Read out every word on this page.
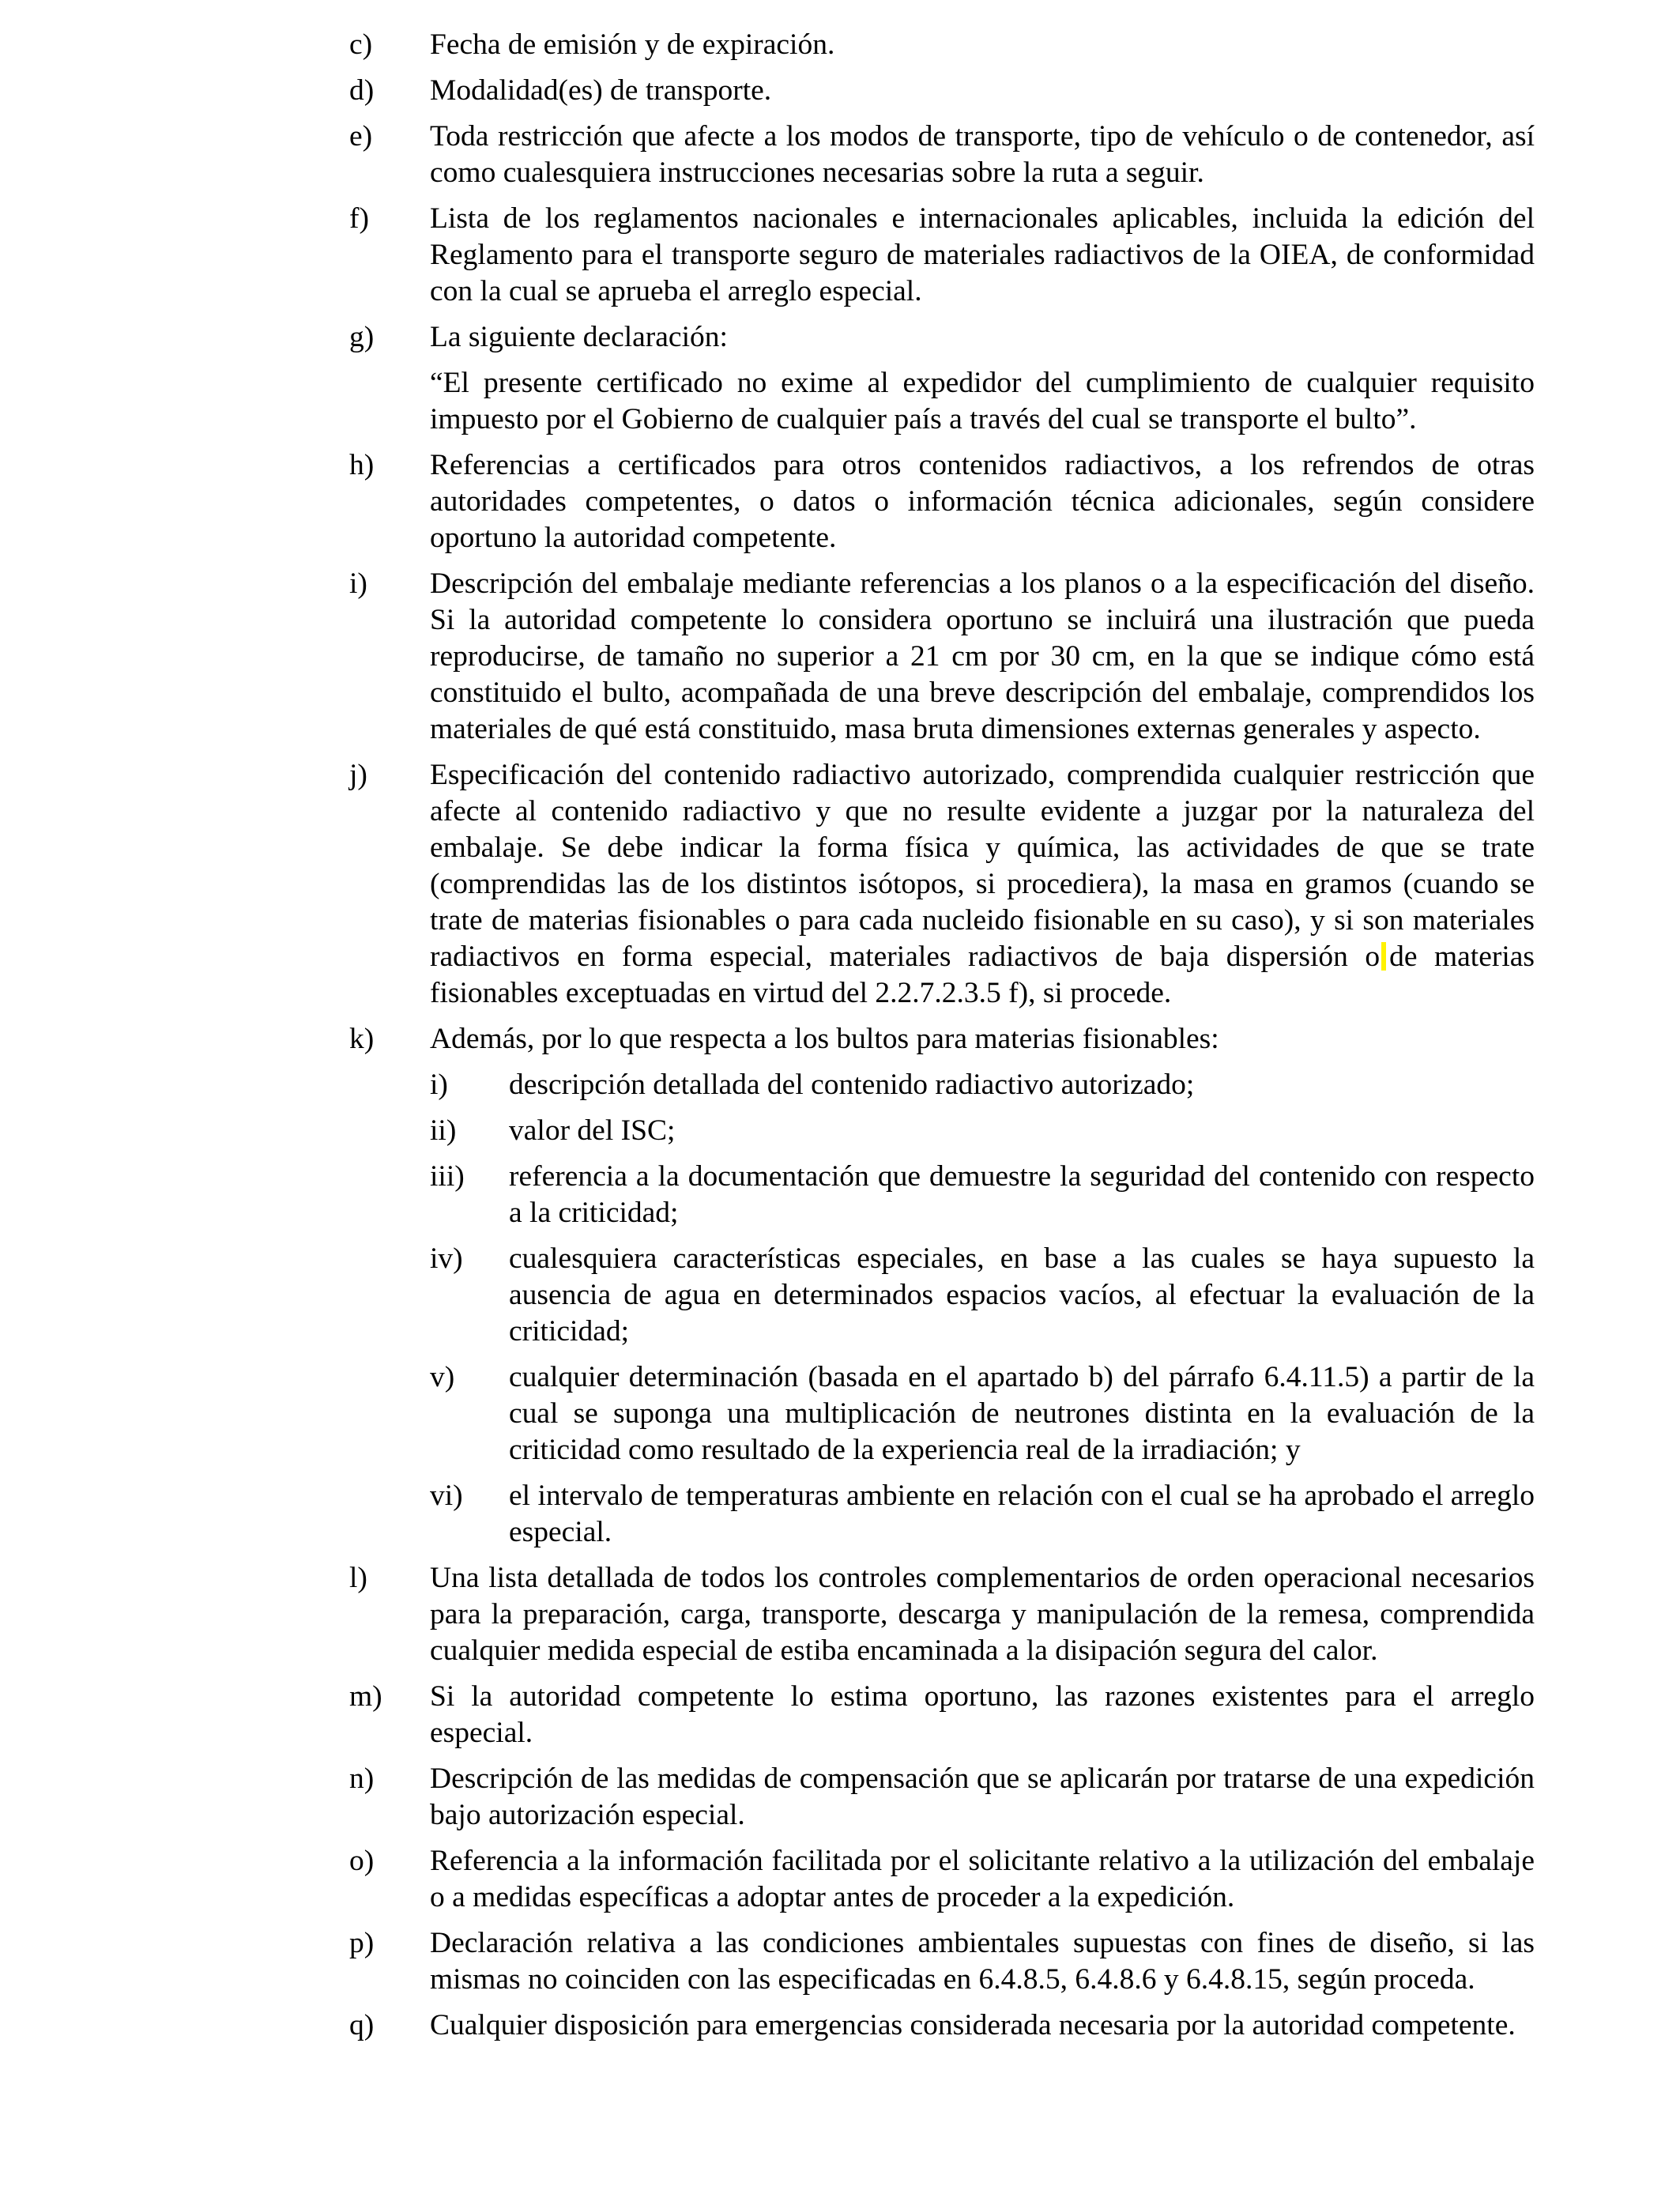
c)	Fecha de emisión y de expiración.
d)	Modalidad(es) de transporte.
e)	Toda restricción que afecte a los modos de transporte, tipo de vehículo o de contenedor, así como cualesquiera instrucciones necesarias sobre la ruta a seguir.
f)	Lista de los reglamentos nacionales e internacionales aplicables, incluida la edición del Reglamento para el transporte seguro de materiales radiactivos de la OIEA, de conformidad con la cual se aprueba el arreglo especial.
g)	La siguiente declaración:
“El presente certificado no exime al expedidor del cumplimiento de cualquier requisito impuesto por el Gobierno de cualquier país a través del cual se transporte el bulto”.
h)	Referencias a certificados para otros contenidos radiactivos, a los refrendos de otras autoridades competentes, o datos o información técnica adicionales, según considere oportuno la autoridad competente.
i)	Descripción del embalaje mediante referencias a los planos o a la especificación del diseño. Si la autoridad competente lo considera oportuno se incluirá una ilustración que pueda reproducirse, de tamaño no superior a 21 cm por 30 cm, en la que se indique cómo está constituido el bulto, acompañada de una breve descripción del embalaje, comprendidos los materiales de qué está constituido, masa bruta dimensiones externas generales y aspecto.
j)	Especificación del contenido radiactivo autorizado, comprendida cualquier restricción que afecte al contenido radiactivo y que no resulte evidente a juzgar por la naturaleza del embalaje. Se debe indicar la forma física y química, las actividades de que se trate (comprendidas las de los distintos isótopos, si procediera), la masa en gramos (cuando se trate de materias fisionables o para cada nucleido fisionable en su caso), y si son materiales radiactivos en forma especial, materiales radiactivos de baja dispersión o de materias fisionables exceptuadas en virtud del 2.2.7.2.3.5 f), si procede.
k)	Además, por lo que respecta a los bultos para materias fisionables:
i)	descripción detallada del contenido radiactivo autorizado;
ii)	valor del ISC;
iii)	referencia a la documentación que demuestre la seguridad del contenido con respecto a la criticidad;
iv)	cualesquiera características especiales, en base a las cuales se haya supuesto la ausencia de agua en determinados espacios vacíos, al efectuar la evaluación de la criticidad;
v)	cualquier determinación (basada en el apartado b) del párrafo 6.4.11.5) a partir de la cual se suponga una multiplicación de neutrones distinta en la evaluación de la criticidad como resultado de la experiencia real de la irradiación; y
vi)	el intervalo de temperaturas ambiente en relación con el cual se ha aprobado el arreglo especial.
l)	Una lista detallada de todos los controles complementarios de orden operacional necesarios para la preparación, carga, transporte, descarga y manipulación de la remesa, comprendida cualquier medida especial de estiba encaminada a la disipación segura del calor.
m)	Si la autoridad competente lo estima oportuno, las razones existentes para el arreglo especial.
n)	Descripción de las medidas de compensación que se aplicarán por tratarse de una expedición bajo autorización especial.
o)	Referencia a la información facilitada por el solicitante relativo a la utilización del embalaje o a medidas específicas a adoptar antes de proceder a la expedición.
p)	Declaración relativa a las condiciones ambientales supuestas con fines de diseño, si las mismas no coinciden con las especificadas en 6.4.8.5, 6.4.8.6 y 6.4.8.15, según proceda.
q)	Cualquier disposición para emergencias considerada necesaria por la autoridad competente.
